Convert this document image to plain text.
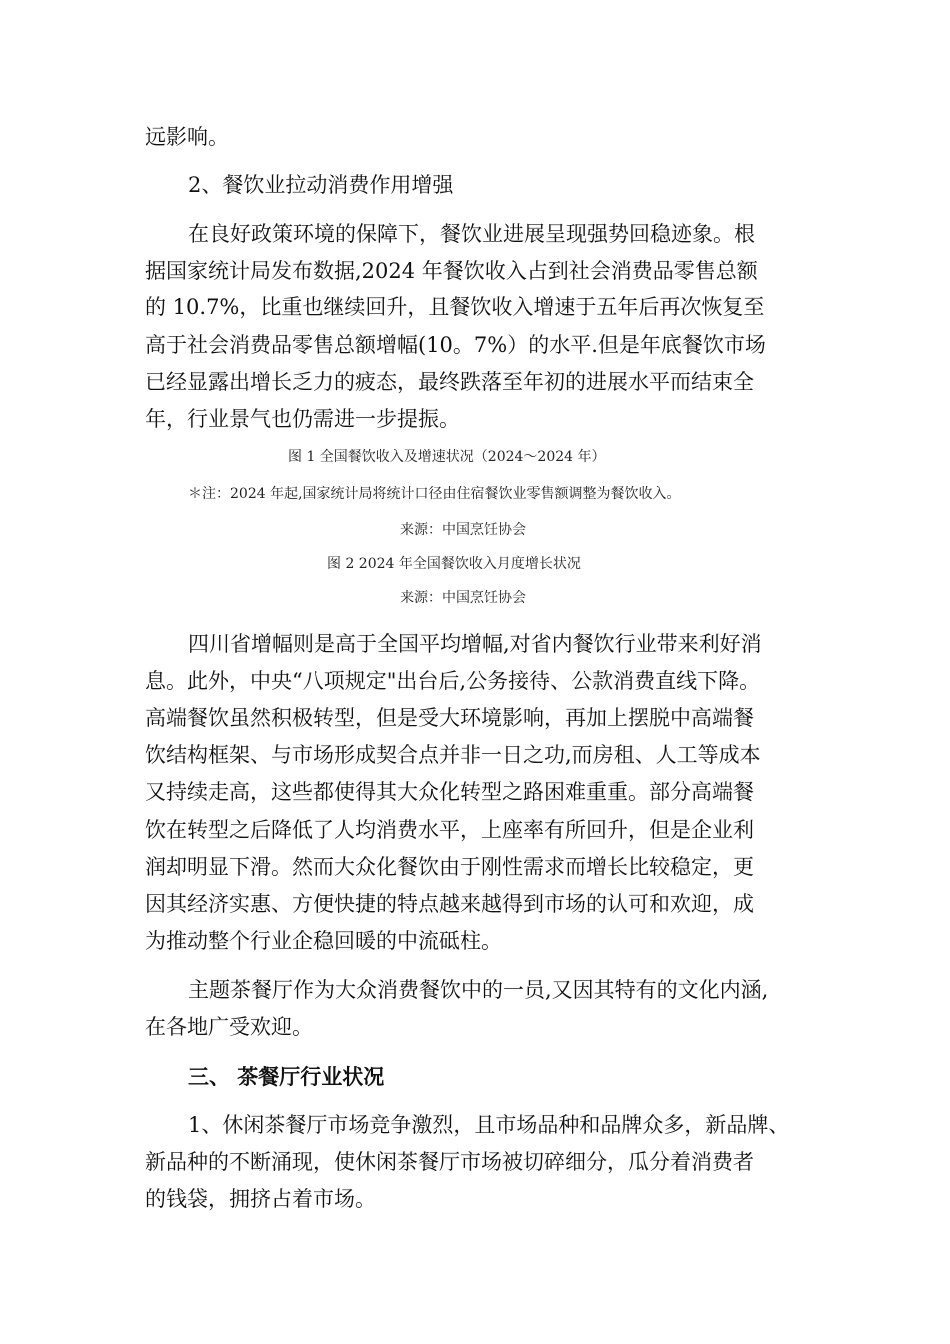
远影响。
2、餐饮业拉动消费作用增强
在良好政策环境的保障下，餐饮业进展呈现强势回稳迹象。根
据国家统计局发布数据,2024 年餐饮收入占到社会消费品零售总额
的 10.7%，比重也继续回升，且餐饮收入增速于五年后再次恢复至
高于社会消费品零售总额增幅(10。7%）的水平.但是年底餐饮市场
已经显露出增长乏力的疲态，最终跌落至年初的进展水平而结束全
年，行业景气也仍需进一步提振。
图 1 全国餐饮收入及增速状况（2024～2024 年）
＊注：2024 年起,国家统计局将统计口径由住宿餐饮业零售额调整为餐饮收入。
来源：中国烹饪协会
图 2 2024 年全国餐饮收入月度增长状况
来源：中国烹饪协会
四川省增幅则是高于全国平均增幅,对省内餐饮行业带来利好消
息。此外，中央“八项规定"出台后,公务接待、公款消费直线下降。
高端餐饮虽然积极转型，但是受大环境影响，再加上摆脱中高端餐
饮结构框架、与市场形成契合点并非一日之功,而房租、人工等成本
又持续走高，这些都使得其大众化转型之路困难重重。部分高端餐
饮在转型之后降低了人均消费水平，上座率有所回升，但是企业利
润却明显下滑。然而大众化餐饮由于刚性需求而增长比较稳定，更
因其经济实惠、方便快捷的特点越来越得到市场的认可和欢迎，成
为推动整个行业企稳回暖的中流砥柱。
主题茶餐厅作为大众消费餐饮中的一员,又因其特有的文化内涵,
在各地广受欢迎。
三、 茶餐厅行业状况
1、休闲茶餐厅市场竞争激烈，且市场品种和品牌众多，新品牌、
新品种的不断涌现，使休闲茶餐厅市场被切碎细分，瓜分着消费者
的钱袋，拥挤占着市场。
